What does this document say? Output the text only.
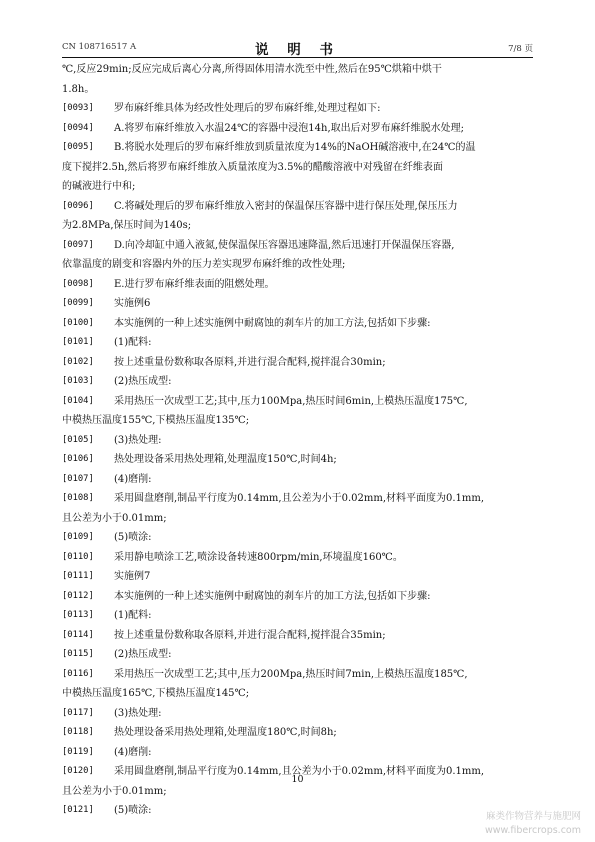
CN 108716517 A	说 明 书	7/8 页
℃,反应29min;反应完成后离心分离,所得固体用清水洗至中性,然后在95℃烘箱中烘干
1.8h。
[0093]	罗布麻纤维具体为经改性处理后的罗布麻纤维,处理过程如下:
[0094]	A.将罗布麻纤维放入水温24℃的容器中浸泡14h,取出后对罗布麻纤维脱水处理;
[0095]	B.将脱水处理后的罗布麻纤维放到质量浓度为14%的NaOH碱溶液中,在24℃的温
度下搅拌2.5h,然后将罗布麻纤维放入质量浓度为3.5%的醋酸溶液中对残留在纤维表面
的碱液进行中和;
[0096]	C.将碱处理后的罗布麻纤维放入密封的保温保压容器中进行保压处理,保压压力
为2.8MPa,保压时间为140s;
[0097]	D.向冷却缸中通入液氮,使保温保压容器迅速降温,然后迅速打开保温保压容器,
依靠温度的剧变和容器内外的压力差实现罗布麻纤维的改性处理;
[0098]	E.进行罗布麻纤维表面的阻燃处理。
[0099]	实施例6
[0100]	本实施例的一种上述实施例中耐腐蚀的刹车片的加工方法,包括如下步骤:
[0101]	(1)配料:
[0102]	按上述重量份数称取各原料,并进行混合配料,搅拌混合30min;
[0103]	(2)热压成型:
[0104]	采用热压一次成型工艺;其中,压力100Mpa,热压时间6min,上模热压温度175℃,
中模热压温度155℃,下模热压温度135℃;
[0105]	(3)热处理:
[0106]	热处理设备采用热处理箱,处理温度150℃,时间4h;
[0107]	(4)磨削:
[0108]	采用圆盘磨削,制品平行度为0.14mm,且公差为小于0.02mm,材料平面度为0.1mm,
且公差为小于0.01mm;
[0109]	(5)喷涂:
[0110]	采用静电喷涂工艺,喷涂设备转速800rpm/min,环境温度160℃。
[0111]	实施例7
[0112]	本实施例的一种上述实施例中耐腐蚀的刹车片的加工方法,包括如下步骤:
[0113]	(1)配料:
[0114]	按上述重量份数称取各原料,并进行混合配料,搅拌混合35min;
[0115]	(2)热压成型:
[0116]	采用热压一次成型工艺;其中,压力200Mpa,热压时间7min,上模热压温度185℃,
中模热压温度165℃,下模热压温度145℃;
[0117]	(3)热处理:
[0118]	热处理设备采用热处理箱,处理温度180℃,时间8h;
[0119]	(4)磨削:
[0120]	采用圆盘磨削,制品平行度为0.14mm,且公差为小于0.02mm,材料平面度为0.1mm,
且公差为小于0.01mm;
[0121]	(5)喷涂:
10
麻类作物营养与施肥网
www.fibercrops.com
